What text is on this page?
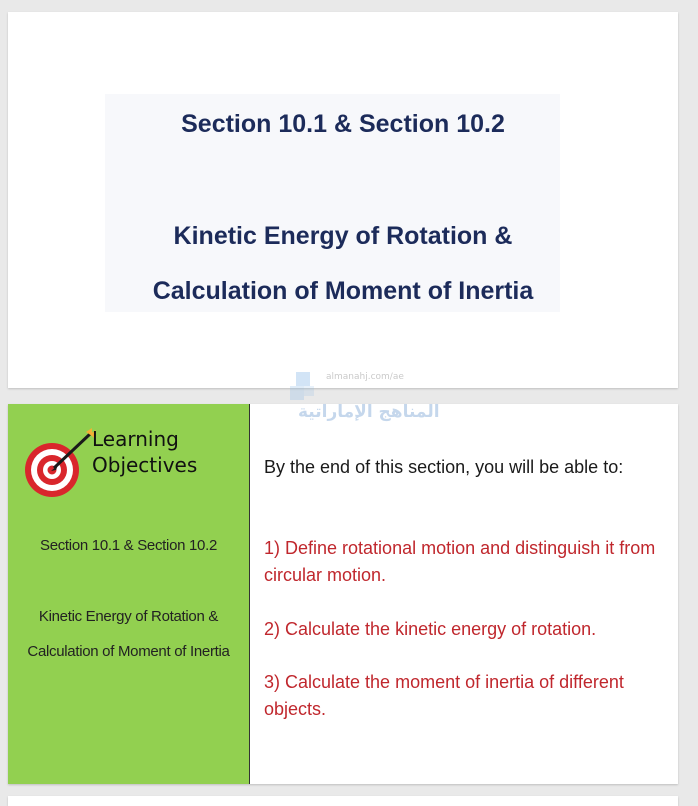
Section 10.1 & Section 10.2
Kinetic Energy of Rotation &
Calculation of Moment of Inertia
Learning
Objectives
Section 10.1 & Section 10.2
Kinetic Energy of Rotation & Calculation of Moment of Inertia
By the end of this section, you will be able to:
1) Define rotational motion and distinguish it from circular motion.
2) Calculate the kinetic energy of rotation.
3) Calculate the moment of inertia of different objects.
almanahj.com/ae
المناهج الإماراتية
